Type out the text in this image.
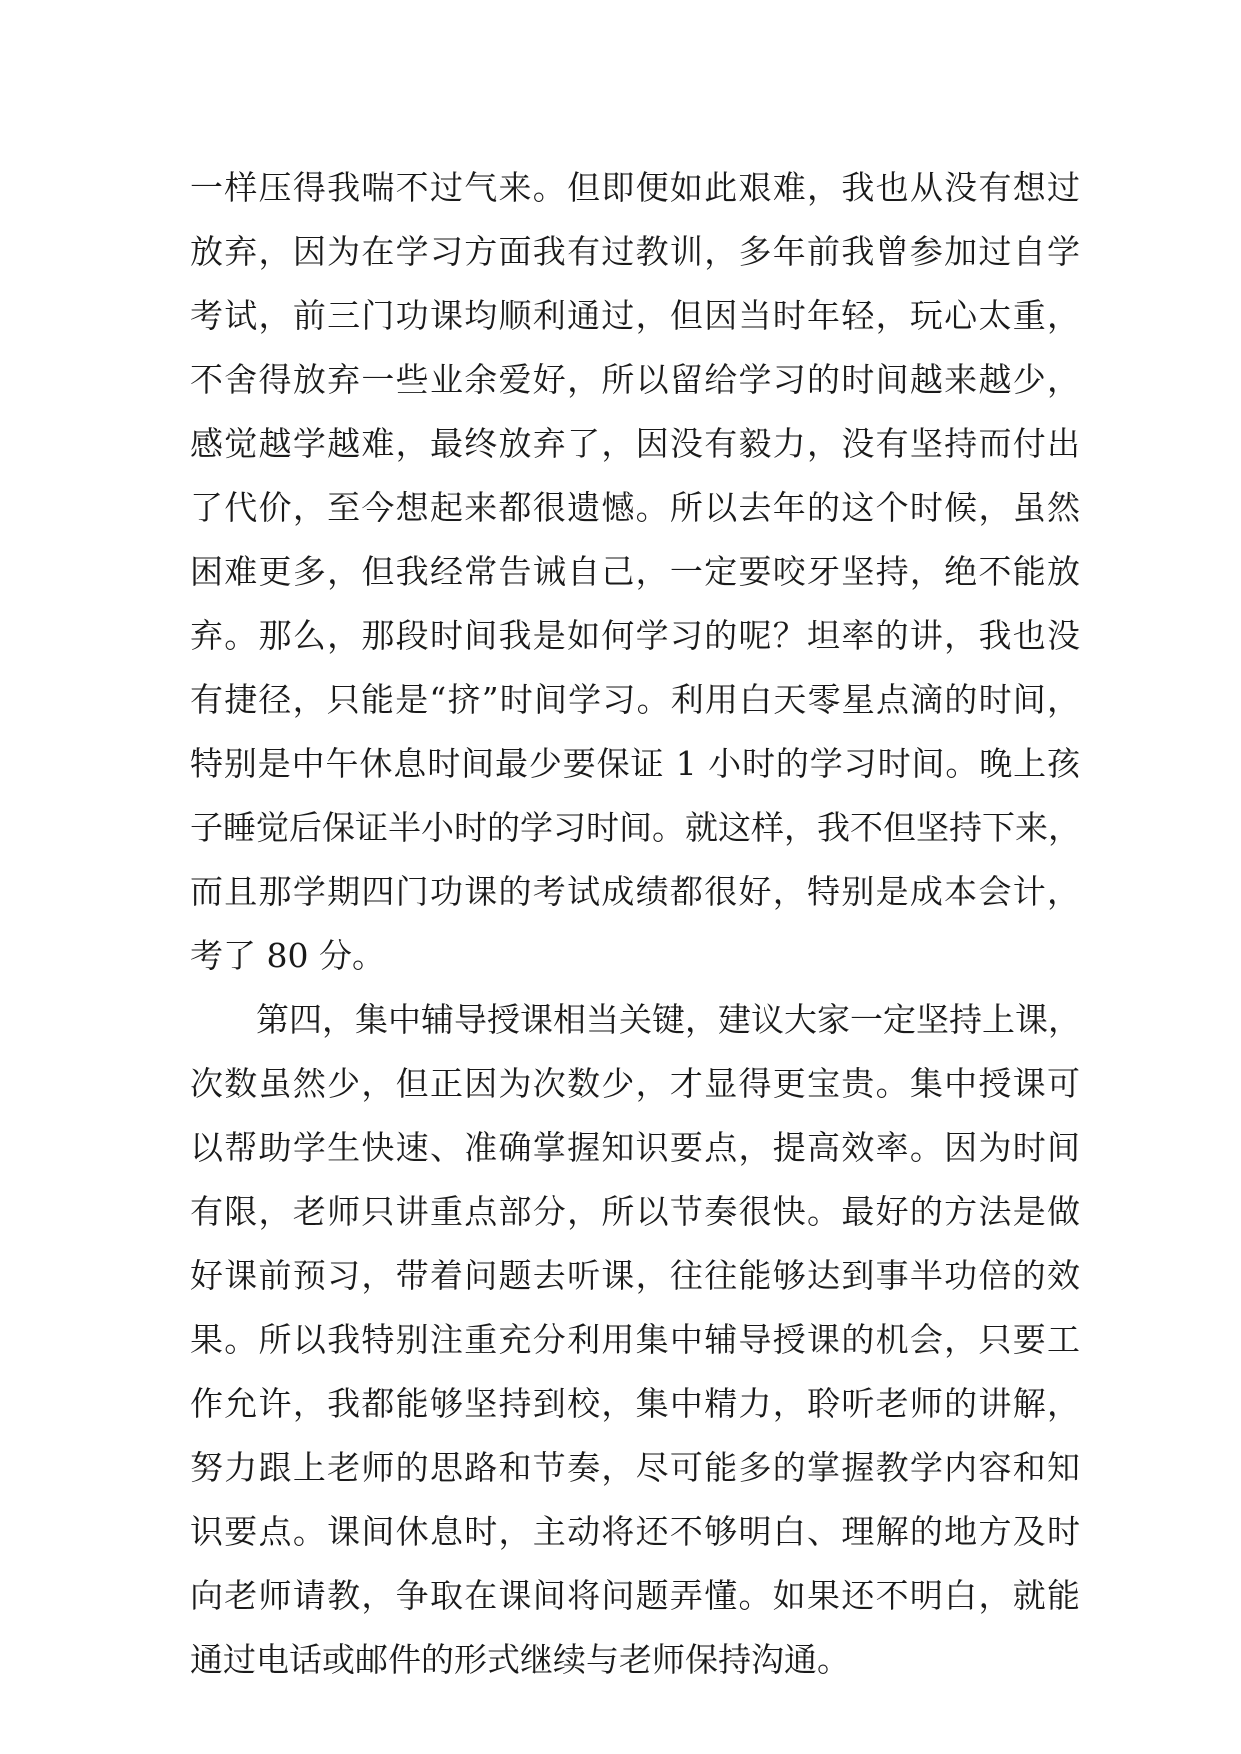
一样压得我喘不过气来。但即便如此艰难，我也从没有想过
放弃，因为在学习方面我有过教训，多年前我曾参加过自学
考试，前三门功课均顺利通过，但因当时年轻，玩心太重，
不舍得放弃一些业余爱好，所以留给学习的时间越来越少，
感觉越学越难，最终放弃了，因没有毅力，没有坚持而付出
了代价，至今想起来都很遗憾。所以去年的这个时候，虽然
困难更多，但我经常告诫自己，一定要咬牙坚持，绝不能放
弃。那么，那段时间我是如何学习的呢？坦率的讲，我也没
有捷径，只能是“挤”时间学习。利用白天零星点滴的时间，
特别是中午休息时间最少要保证 1 小时的学习时间。晚上孩
子睡觉后保证半小时的学习时间。就这样，我不但坚持下来，
而且那学期四门功课的考试成绩都很好，特别是成本会计，
考了 80 分。
第四，集中辅导授课相当关键，建议大家一定坚持上课，
次数虽然少，但正因为次数少，才显得更宝贵。集中授课可
以帮助学生快速、准确掌握知识要点，提高效率。因为时间
有限，老师只讲重点部分，所以节奏很快。最好的方法是做
好课前预习，带着问题去听课，往往能够达到事半功倍的效
果。所以我特别注重充分利用集中辅导授课的机会，只要工
作允许，我都能够坚持到校，集中精力，聆听老师的讲解，
努力跟上老师的思路和节奏，尽可能多的掌握教学内容和知
识要点。课间休息时，主动将还不够明白、理解的地方及时
向老师请教，争取在课间将问题弄懂。如果还不明白，就能
通过电话或邮件的形式继续与老师保持沟通。
